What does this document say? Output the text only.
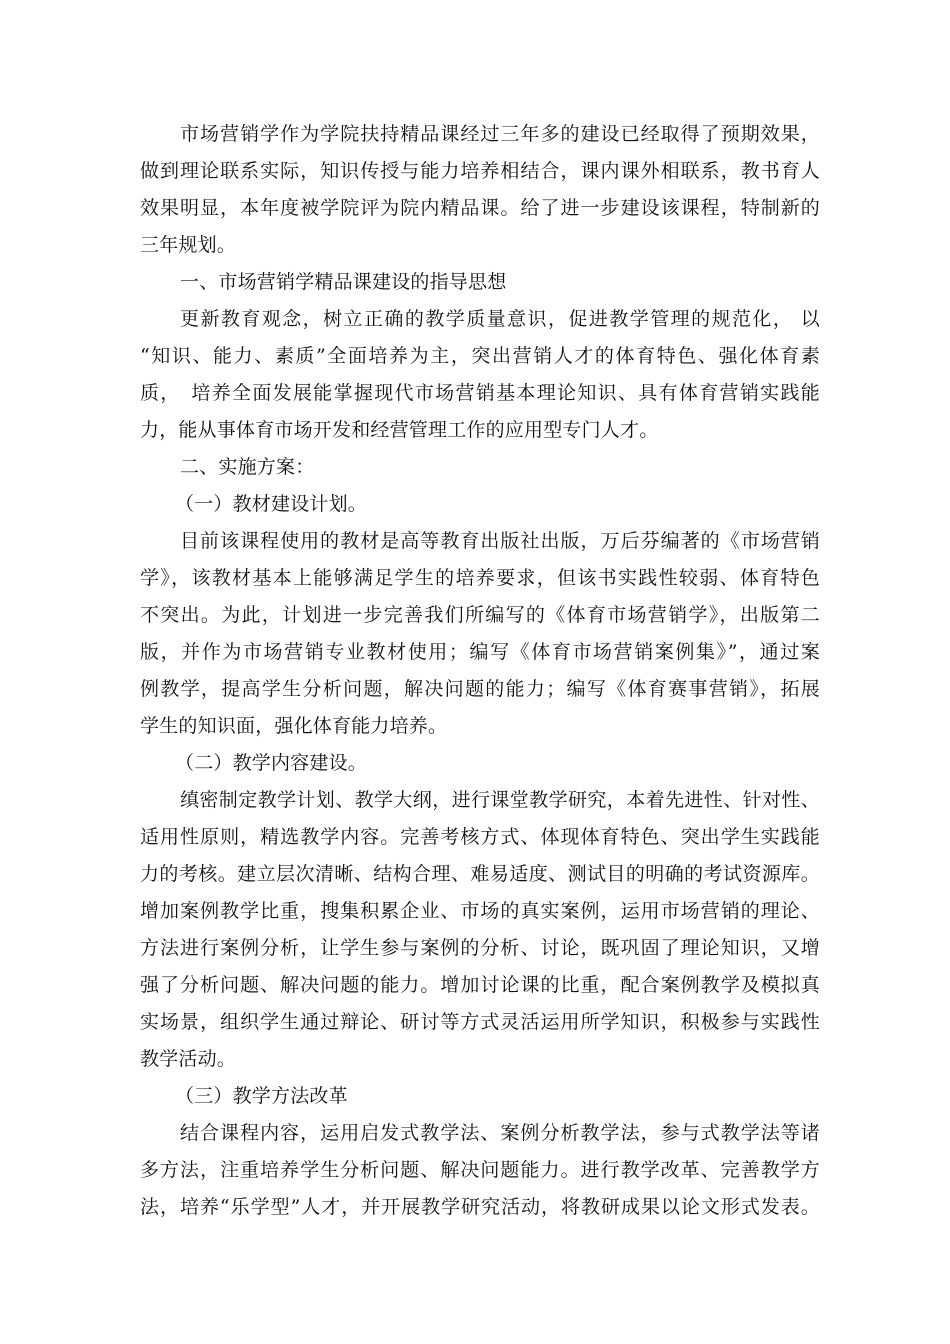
市场营销学作为学院扶持精品课经过三年多的建设已经取得了预期效果，
做到理论联系实际，知识传授与能力培养相结合，课内课外相联系，教书育人
效果明显，本年度被学院评为院内精品课。给了进一步建设该课程，特制新的
三年规划。
一、市场营销学精品课建设的指导思想
更新教育观念，树立正确的教学质量意识，促进教学管理的规范化， 以
“知识、能力、素质”全面培养为主，突出营销人才的体育特色、强化体育素
质，　培养全面发展能掌握现代市场营销基本理论知识、具有体育营销实践能
力，能从事体育市场开发和经营管理工作的应用型专门人才。
二、实施方案：
（一）教材建设计划。
目前该课程使用的教材是高等教育出版社出版，万后芬编著的《市场营销
学》，该教材基本上能够满足学生的培养要求，但该书实践性较弱、体育特色
不突出。为此，计划进一步完善我们所编写的《体育市场营销学》，出版第二
版，并作为市场营销专业教材使用；编写《体育市场营销案例集》”，通过案
例教学，提高学生分析问题，解决问题的能力；编写《体育赛事营销》，拓展
学生的知识面，强化体育能力培养。
（二）教学内容建设。
缜密制定教学计划、教学大纲，进行课堂教学研究，本着先进性、针对性、
适用性原则，精选教学内容。完善考核方式、体现体育特色、突出学生实践能
力的考核。建立层次清晰、结构合理、难易适度、测试目的明确的考试资源库。
增加案例教学比重，搜集积累企业、市场的真实案例，运用市场营销的理论、
方法进行案例分析，让学生参与案例的分析、讨论，既巩固了理论知识，又增
强了分析问题、解决问题的能力。增加讨论课的比重，配合案例教学及模拟真
实场景，组织学生通过辩论、研讨等方式灵活运用所学知识，积极参与实践性
教学活动。
（三）教学方法改革
结合课程内容，运用启发式教学法、案例分析教学法，参与式教学法等诸
多方法，注重培养学生分析问题、解决问题能力。进行教学改革、完善教学方
法，培养“乐学型”人才，并开展教学研究活动，将教研成果以论文形式发表。
